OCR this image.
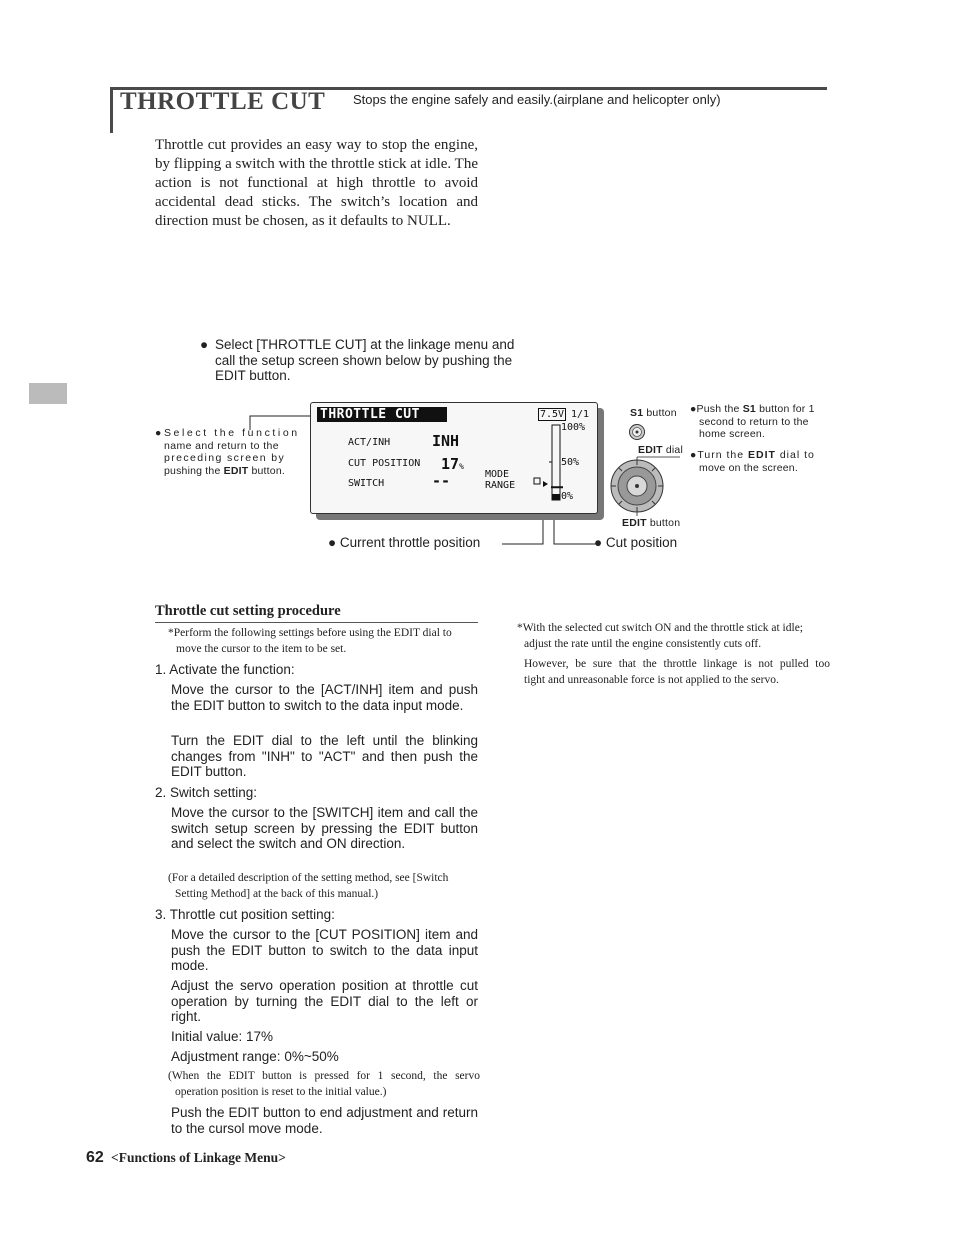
THROTTLE CUT Stops the engine safely and easily.(airplane and helicopter only)
Throttle cut provides an easy way to stop the engine, by flipping a switch with the throttle stick at idle. The action is not functional at high throttle to avoid accidental dead sticks. The switch’s location and direction must be chosen, as it defaults to NULL.
● Select [THROTTLE CUT] at the linkage menu and
call the setup screen shown below by pushing the
EDIT button.
●Select the function
name and return to the
preceding screen by
pushing the EDIT button.
THROTTLE CUT	7.5V 1/1
ACT/INH	INH
CUT POSITION 17%
SWITCH	--	MODE
RANGE
100%
50%
0%
S1 button
EDIT dial
EDIT button
●Push the S1 button for 1
second to return to the
home screen.
●Turn the EDIT dial to
move on the screen.
● Current throttle position	● Cut position
Throttle cut setting procedure
*Perform the following settings before using the EDIT dial to
move the cursor to the item to be set.
1. Activate the function:
Move the cursor to the [ACT/INH] item and push the EDIT button to switch to the data input mode.
Turn the EDIT dial to the left until the blinking changes from "INH" to "ACT" and then push the EDIT button.
2. Switch setting:
Move the cursor to the [SWITCH] item and call the switch setup screen by pressing the EDIT button and select the switch and ON direction.
(For a detailed description of the setting method, see [Switch
Setting Method] at the back of this manual.)
3. Throttle cut position setting:
Move the cursor to the [CUT POSITION] item and push the EDIT button to switch to the data input mode.
Adjust the servo operation position at throttle cut operation by turning the EDIT dial to the left or right.
Initial value: 17%
Adjustment range: 0%~50%
(When the EDIT button is pressed for 1 second, the servo
operation position is reset to the initial value.)
Push the EDIT button to end adjustment and return to the cursol move mode.
*With the selected cut switch ON and the throttle stick at idle;
adjust the rate until the engine consistently cuts off.
However, be sure that the throttle linkage is not pulled too
tight and unreasonable force is not applied to the servo.
62 <Functions of Linkage Menu>
